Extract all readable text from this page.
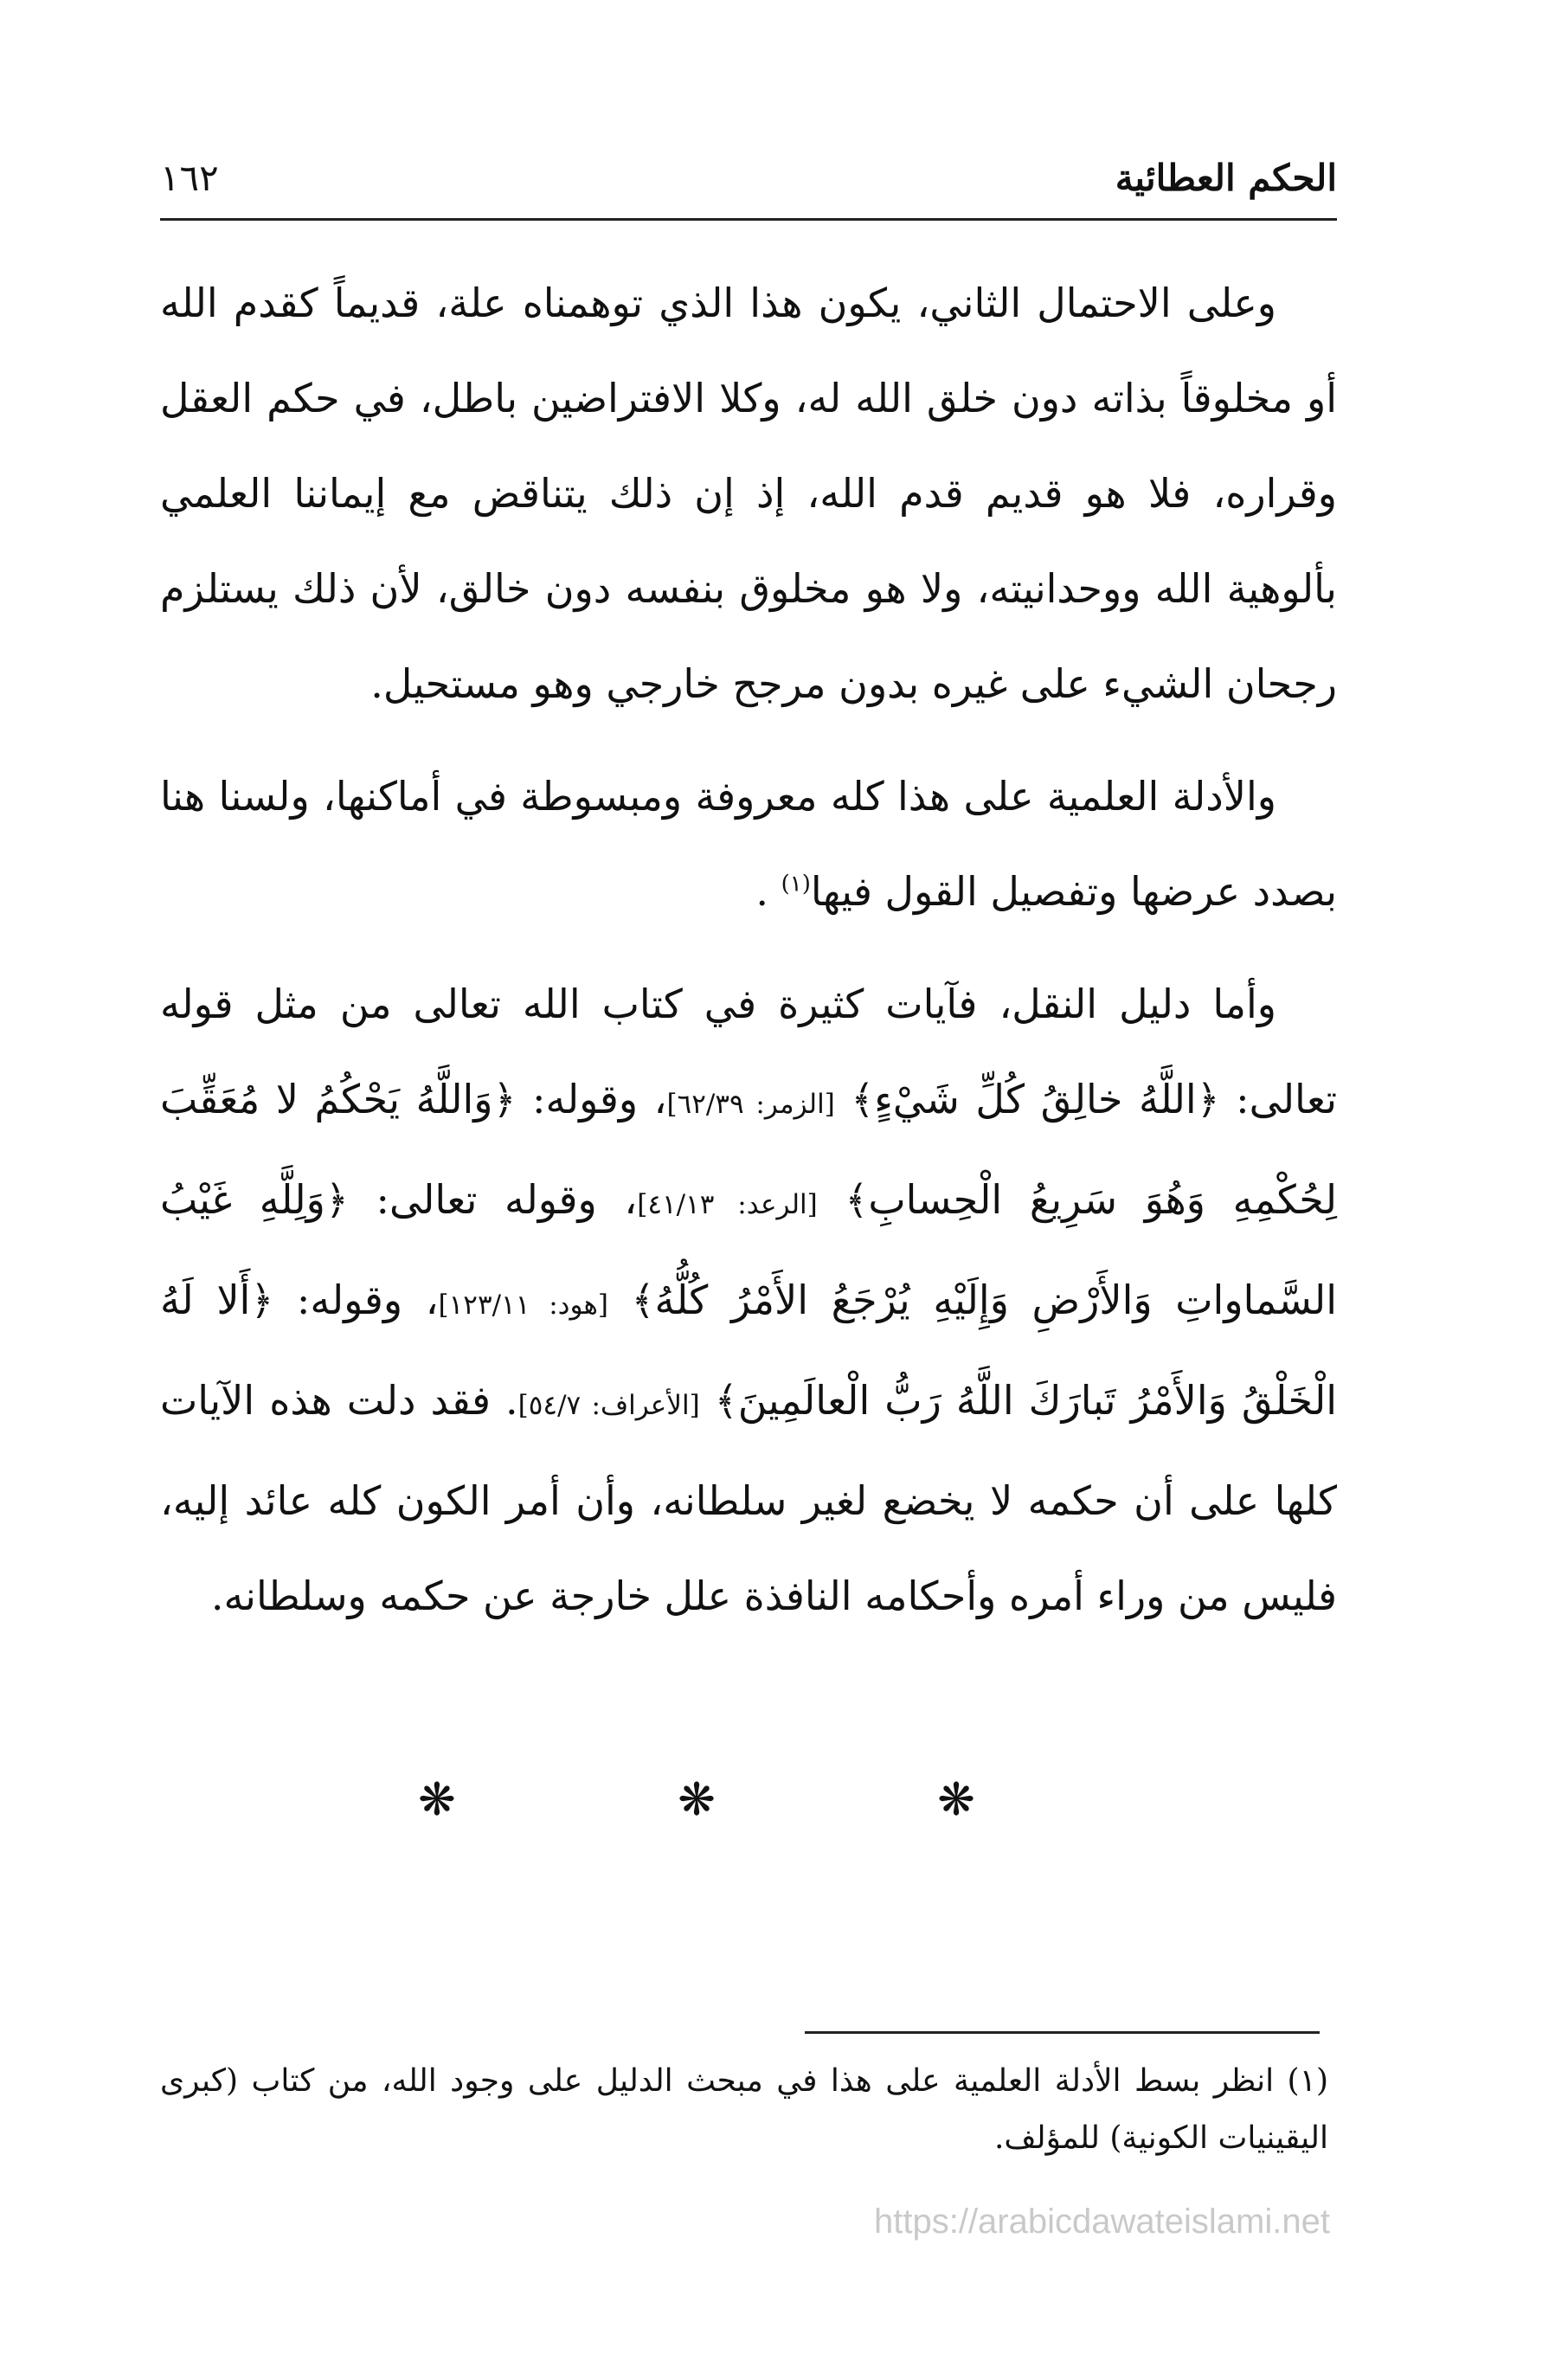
الحكم العطائية
١٦٢

وعلى الاحتمال الثاني، يكون هذا الذي توهمناه علة، قديماً كقدم الله أو مخلوقاً بذاته دون خلق الله له، وكلا الافتراضين باطل، في حكم العقل وقراره، فلا هو قديم قدم الله، إذ إن ذلك يتناقض مع إيماننا العلمي بألوهية الله ووحدانيته، ولا هو مخلوق بنفسه دون خالق، لأن ذلك يستلزم رجحان الشيء على غيره بدون مرجح خارجي وهو مستحيل.

والأدلة العلمية على هذا كله معروفة ومبسوطة في أماكنها، ولسنا هنا بصدد عرضها وتفصيل القول فيها$^{(١)}$ .

وأما دليل النقل، فآيات كثيرة في كتاب الله تعالى من مثل قوله تعالى: ﴿اللَّهُ خالِقُ كُلِّ شَيْءٍ﴾ [الزمر: ٦٢/٣٩]، وقوله: ﴿وَاللَّهُ يَحْكُمُ لا مُعَقِّبَ لِحُكْمِهِ وَهُوَ سَرِيعُ الْحِسابِ﴾ [الرعد: ٤١/١٣]، وقوله تعالى: ﴿وَلِلَّهِ غَيْبُ السَّماواتِ وَالأَرْضِ وَإِلَيْهِ يُرْجَعُ الأَمْرُ كُلُّهُ﴾ [هود: ١٢٣/١١]، وقوله: ﴿أَلا لَهُ الْخَلْقُ وَالأَمْرُ تَبارَكَ اللَّهُ رَبُّ الْعالَمِينَ﴾ [الأعراف: ٥٤/٧]. فقد دلت هذه الآيات كلها على أن حكمه لا يخضع لغير سلطانه، وأن أمر الكون كله عائد إليه، فليس من وراء أمره وأحكامه النافذة علل خارجة عن حكمه وسلطانه.

❋ ❋ ❋

(١) انظر بسط الأدلة العلمية على هذا في مبحث الدليل على وجود الله، من كتاب (كبرى اليقينيات الكونية) للمؤلف.

https://arabicdawateislami.net
